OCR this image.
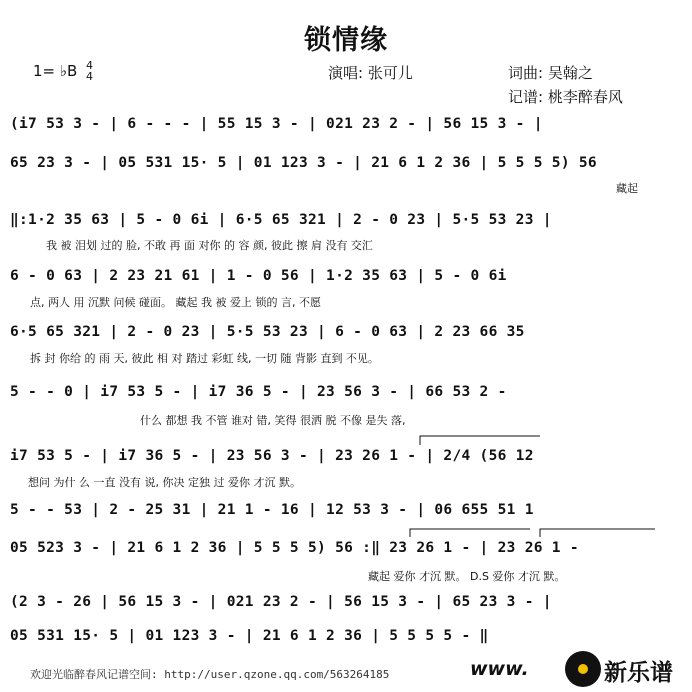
锁情缘
1= ♭B 4
4	演唱: 张可儿	词曲: 吴翰之
记谱: 桃李醉春风
(i7 53 3 - | 6 - - - | 55 15 3 - | 021 23 2 - | 56 15 3 - |
65 23 3 - | 05 531 15· 5 | 01 123 3 - | 21 6 1 2 36 | 5 5 5 5) 56
藏起
‖:1·2 35 63 | 5 - 0 6i | 6·5 65 321 | 2 - 0 23 | 5·5 53 23 |
我 被 泪划 过的 脸, 不敢 再 面 对你 的 容 颜, 彼此 擦 肩 没有 交汇
6 - 0 63 | 2 23 21 61 | 1 - 0 56 | 1·2 35 63 | 5 - 0 6i
点, 两人 用 沉默 问候 碰面。 藏起 我 被 爱上 锁的 言, 不愿
6·5 65 321 | 2 - 0 23 | 5·5 53 23 | 6 - 0 63 | 2 23 66 35
拆 封 你给 的 雨 天, 彼此 相 对 踏过 彩虹 线, 一切 随 背影 直到 不见。
5 - - 0 | i7 53 5 - | i7 36 5 - | 23 56 3 - | 66 53 2 -
什么 都想 我 不管 谁对 错, 笑得 很洒 脱 不像 是失 落,
i7 53 5 - | i7 36 5 - | 23 56 3 - | 23 26 1 - | 2/4 (56 12
想问 为什 么 一直 没有 说, 你决 定独 过 爱你 才沉 默。
5 - - 53 | 2 - 25 31 | 21 1 - 16 | 12 53 3 - | 06 655 51 1
05 523 3 - | 21 6 1 2 36 | 5 5 5 5) 56 :‖ 23 26 1 - | 23 26 1 -
藏起 爱你 才沉 默。 D.S 爱你 才沉 默。
(2 3 - 26 | 56 15 3 - | 021 23 2 - | 56 15 3 - | 65 23 3 - |
05 531 15· 5 | 01 123 3 - | 21 6 1 2 36 | 5 5 5 5 - ‖
欢迎光临醉春风记谱空间: http://user.qzone.qq.com/563264185	www.	新乐谱
